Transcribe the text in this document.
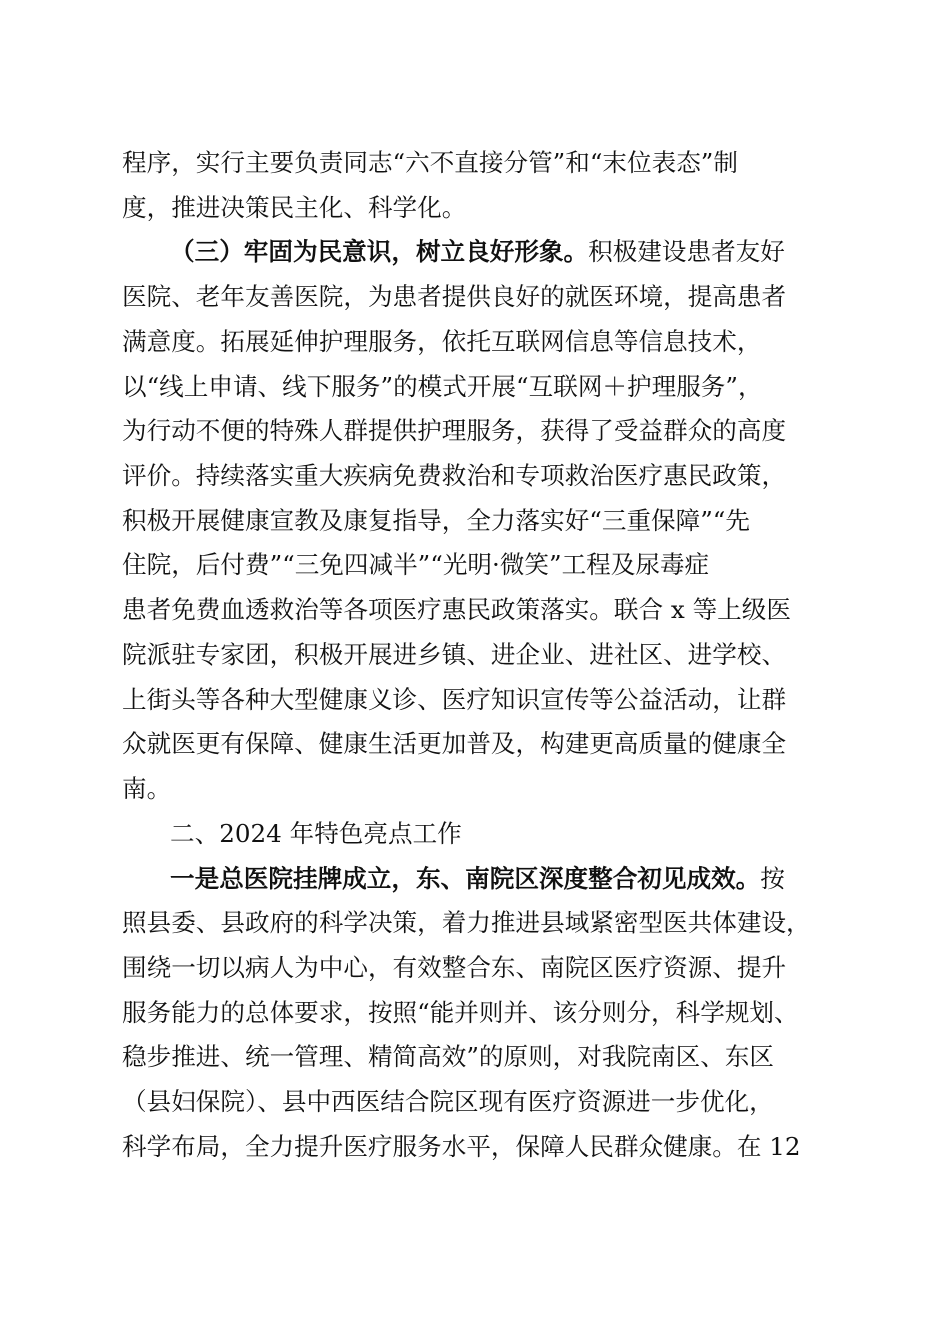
程序，实行主要负责同志“六不直接分管”和“末位表态”制
度，推进决策民主化、科学化。
（三）牢固为民意识，树立良好形象。积极建设患者友好
医院、老年友善医院，为患者提供良好的就医环境，提高患者
满意度。拓展延伸护理服务，依托互联网信息等信息技术，
以“线上申请、线下服务”的模式开展“互联网＋护理服务”，
为行动不便的特殊人群提供护理服务，获得了受益群众的高度
评价。持续落实重大疾病免费救治和专项救治医疗惠民政策，
积极开展健康宣教及康复指导，全力落实好“三重保障”“先
住院，后付费”“三免四减半”“光明·微笑”工程及尿毒症
患者免费血透救治等各项医疗惠民政策落实。联合 x 等上级医
院派驻专家团，积极开展进乡镇、进企业、进社区、进学校、
上街头等各种大型健康义诊、医疗知识宣传等公益活动，让群
众就医更有保障、健康生活更加普及，构建更高质量的健康全
南。
二、2024 年特色亮点工作
一是总医院挂牌成立，东、南院区深度整合初见成效。按
照县委、县政府的科学决策，着力推进县域紧密型医共体建设，
围绕一切以病人为中心，有效整合东、南院区医疗资源、提升
服务能力的总体要求，按照“能并则并、该分则分，科学规划、
稳步推进、统一管理、精简高效”的原则，对我院南区、东区
（县妇保院）、县中西医结合院区现有医疗资源进一步优化，
科学布局，全力提升医疗服务水平，保障人民群众健康。在 12
